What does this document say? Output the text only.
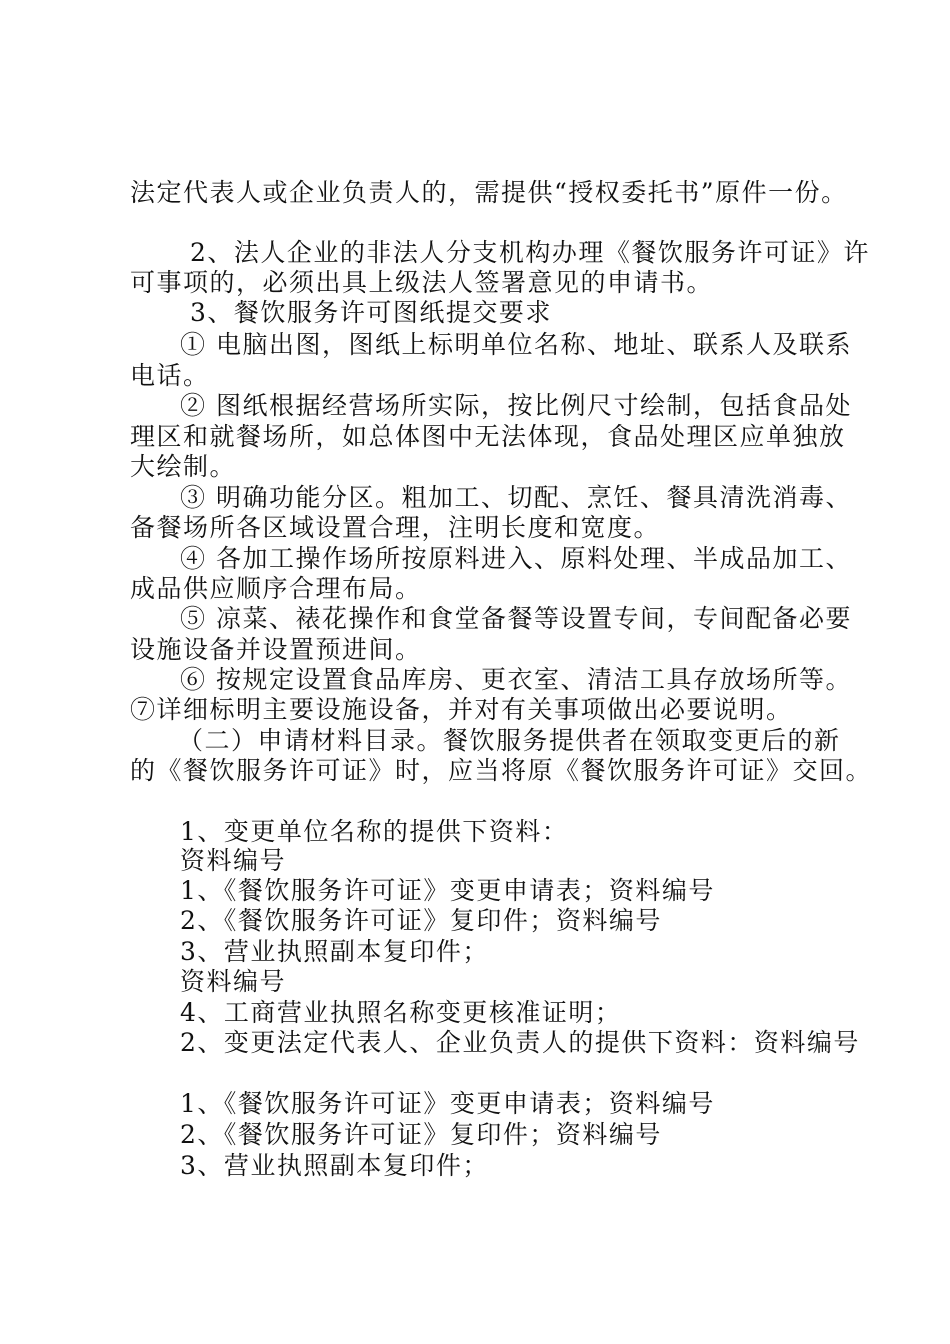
法定代表人或企业负责人的，需提供“授权委托书”原件一份。
2、法人企业的非法人分支机构办理《餐饮服务许可证》许
可事项的，必须出具上级法人签署意见的申请书。
3、餐饮服务许可图纸提交要求
① 电脑出图，图纸上标明单位名称、地址、联系人及联系
电话。
② 图纸根据经营场所实际，按比例尺寸绘制，包括食品处
理区和就餐场所，如总体图中无法体现，食品处理区应单独放
大绘制。
③ 明确功能分区。粗加工、切配、烹饪、餐具清洗消毒、
备餐场所各区域设置合理，注明长度和宽度。
④ 各加工操作场所按原料进入、原料处理、半成品加工、
成品供应顺序合理布局。
⑤ 凉菜、裱花操作和食堂备餐等设置专间，专间配备必要
设施设备并设置预进间。
⑥ 按规定设置食品库房、更衣室、清洁工具存放场所等。
⑦详细标明主要设施设备，并对有关事项做出必要说明。
（二）申请材料目录。餐饮服务提供者在领取变更后的新
的《餐饮服务许可证》时，应当将原《餐饮服务许可证》交回。
1、变更单位名称的提供下资料：
资料编号
1、《餐饮服务许可证》变更申请表；资料编号
2、《餐饮服务许可证》复印件；资料编号
3、营业执照副本复印件；
资料编号
4、工商营业执照名称变更核准证明；
2、变更法定代表人、企业负责人的提供下资料：资料编号
1、《餐饮服务许可证》变更申请表；资料编号
2、《餐饮服务许可证》复印件；资料编号
3、营业执照副本复印件；
